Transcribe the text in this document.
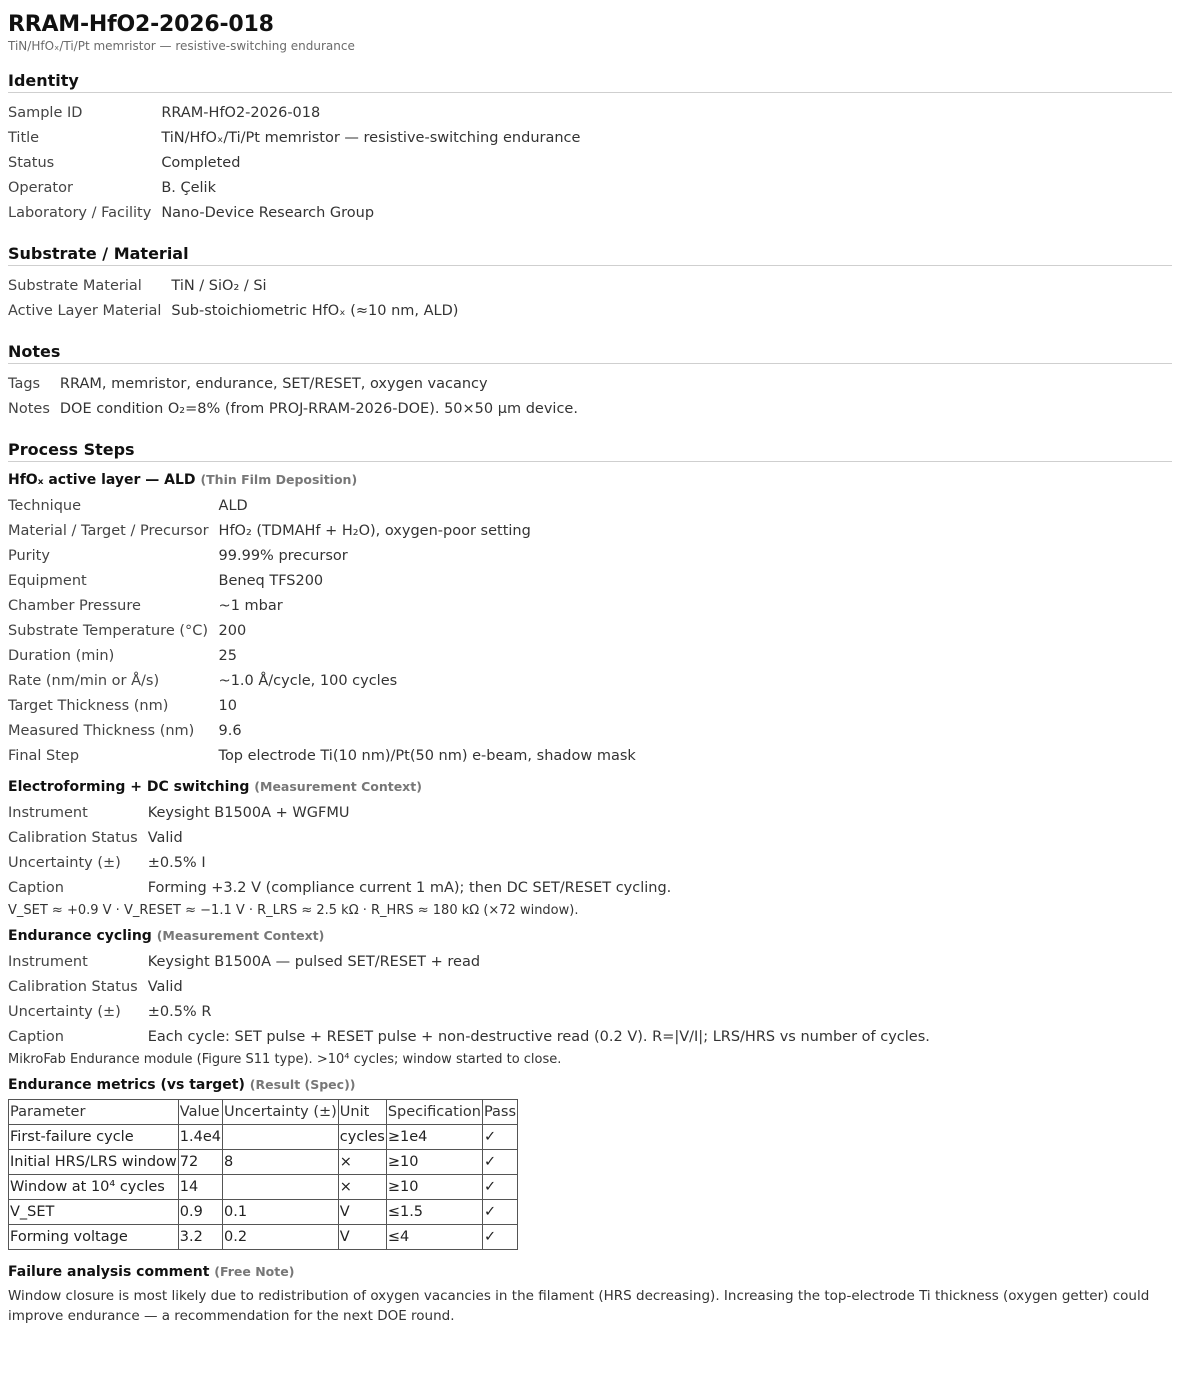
RRAM-HfO2-2026-018
TiN/HfOₓ/Ti/Pt memristor — resistive-switching endurance
Identity
Sample ID	RRAM-HfO2-2026-018
Title	TiN/HfOₓ/Ti/Pt memristor — resistive-switching endurance
Status	Completed
Operator	B. Çelik
Laboratory / Facility	Nano-Device Research Group
Substrate / Material
Substrate Material	TiN / SiO₂ / Si
Active Layer Material	Sub-stoichiometric HfOₓ (≈10 nm, ALD)
Notes
Tags	RRAM, memristor, endurance, SET/RESET, oxygen vacancy
Notes	DOE condition O₂=8% (from PROJ-RRAM-2026-DOE). 50×50 µm device.
Process Steps
HfOₓ active layer — ALD (Thin Film Deposition)
Technique	ALD
Material / Target / Precursor	HfO₂ (TDMAHf + H₂O), oxygen-poor setting
Purity	99.99% precursor
Equipment	Beneq TFS200
Chamber Pressure	~1 mbar
Substrate Temperature (°C)	200
Duration (min)	25
Rate (nm/min or Å/s)	~1.0 Å/cycle, 100 cycles
Target Thickness (nm)	10
Measured Thickness (nm)	9.6
Final Step	Top electrode Ti(10 nm)/Pt(50 nm) e-beam, shadow mask
Electroforming + DC switching (Measurement Context)
Instrument	Keysight B1500A + WGFMU
Calibration Status	Valid
Uncertainty (±)	±0.5% I
Caption	Forming +3.2 V (compliance current 1 mA); then DC SET/RESET cycling.
V_SET ≈ +0.9 V · V_RESET ≈ −1.1 V · R_LRS ≈ 2.5 kΩ · R_HRS ≈ 180 kΩ (×72 window).
Endurance cycling (Measurement Context)
Instrument	Keysight B1500A — pulsed SET/RESET + read
Calibration Status	Valid
Uncertainty (±)	±0.5% R
Caption	Each cycle: SET pulse + RESET pulse + non-destructive read (0.2 V). R=|V/I|; LRS/HRS vs number of cycles.
MikroFab Endurance module (Figure S11 type). >10⁴ cycles; window started to close.
Endurance metrics (vs target) (Result (Spec))
Parameter	Value	Uncertainty (±)	Unit	Specification	Pass
First-failure cycle	1.4e4		cycles	≥1e4	✓
Initial HRS/LRS window	72	8	×	≥10	✓
Window at 10⁴ cycles	14		×	≥10	✓
V_SET	0.9	0.1	V	≤1.5	✓
Forming voltage	3.2	0.2	V	≤4	✓
Failure analysis comment (Free Note)
Window closure is most likely due to redistribution of oxygen vacancies in the filament (HRS decreasing). Increasing the top-electrode Ti thickness (oxygen getter) could improve endurance — a recommendation for the next DOE round.
